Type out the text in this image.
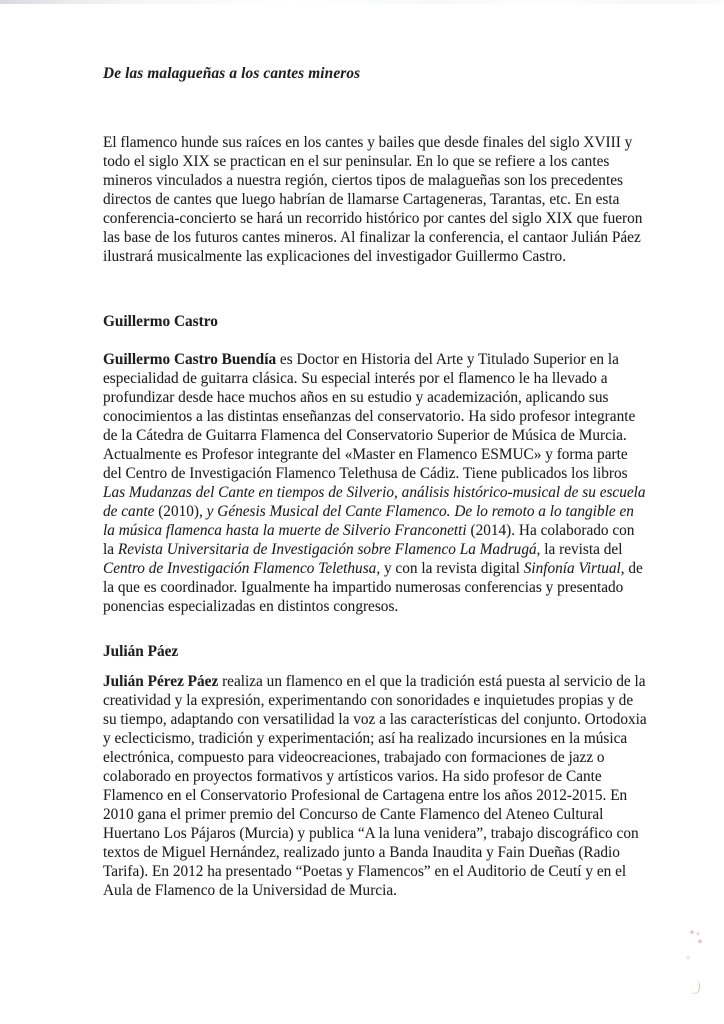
De las malagueñas a los cantes mineros

El flamenco hunde sus raíces en los cantes y bailes que desde finales del siglo XVIII y todo el siglo XIX se practican en el sur peninsular. En lo que se refiere a los cantes mineros vinculados a nuestra región, ciertos tipos de malagueñas son los precedentes directos de cantes que luego habrían de llamarse Cartageneras, Tarantas, etc. En esta conferencia-concierto se hará un recorrido histórico por cantes del siglo XIX que fueron las base de los futuros cantes mineros. Al finalizar la conferencia, el cantaor Julián Páez ilustrará musicalmente las explicaciones del investigador Guillermo Castro.

Guillermo Castro

Guillermo Castro Buendía es Doctor en Historia del Arte y Titulado Superior en la especialidad de guitarra clásica. Su especial interés por el flamenco le ha llevado a profundizar desde hace muchos años en su estudio y academización, aplicando sus conocimientos a las distintas enseñanzas del conservatorio. Ha sido profesor integrante de la Cátedra de Guitarra Flamenca del Conservatorio Superior de Música de Murcia. Actualmente es Profesor integrante del «Master en Flamenco ESMUC» y forma parte del Centro de Investigación Flamenco Telethusa de Cádiz. Tiene publicados los libros Las Mudanzas del Cante en tiempos de Silverio, análisis histórico-musical de su escuela de cante (2010), y Génesis Musical del Cante Flamenco. De lo remoto a lo tangible en la música flamenca hasta la muerte de Silverio Franconetti (2014). Ha colaborado con la Revista Universitaria de Investigación sobre Flamenco La Madrugá, la revista del Centro de Investigación Flamenco Telethusa, y con la revista digital Sinfonía Virtual, de la que es coordinador. Igualmente ha impartido numerosas conferencias y presentado ponencias especializadas en distintos congresos.

Julián Páez

Julián Pérez Páez realiza un flamenco en el que la tradición está puesta al servicio de la creatividad y la expresión, experimentando con sonoridades e inquietudes propias y de su tiempo, adaptando con versatilidad la voz a las características del conjunto. Ortodoxia y eclecticismo, tradición y experimentación; así ha realizado incursiones en la música electrónica, compuesto para videocreaciones, trabajado con formaciones de jazz o colaborado en proyectos formativos y artísticos varios. Ha sido profesor de Cante Flamenco en el Conservatorio Profesional de Cartagena entre los años 2012-2015. En 2010 gana el primer premio del Concurso de Cante Flamenco del Ateneo Cultural Huertano Los Pájaros (Murcia) y publica “A la luna venidera”, trabajo discográfico con textos de Miguel Hernández, realizado junto a Banda Inaudita y Fain Dueñas (Radio Tarifa). En 2012 ha presentado “Poetas y Flamencos” en el Auditorio de Ceutí y en el Aula de Flamenco de la Universidad de Murcia.
